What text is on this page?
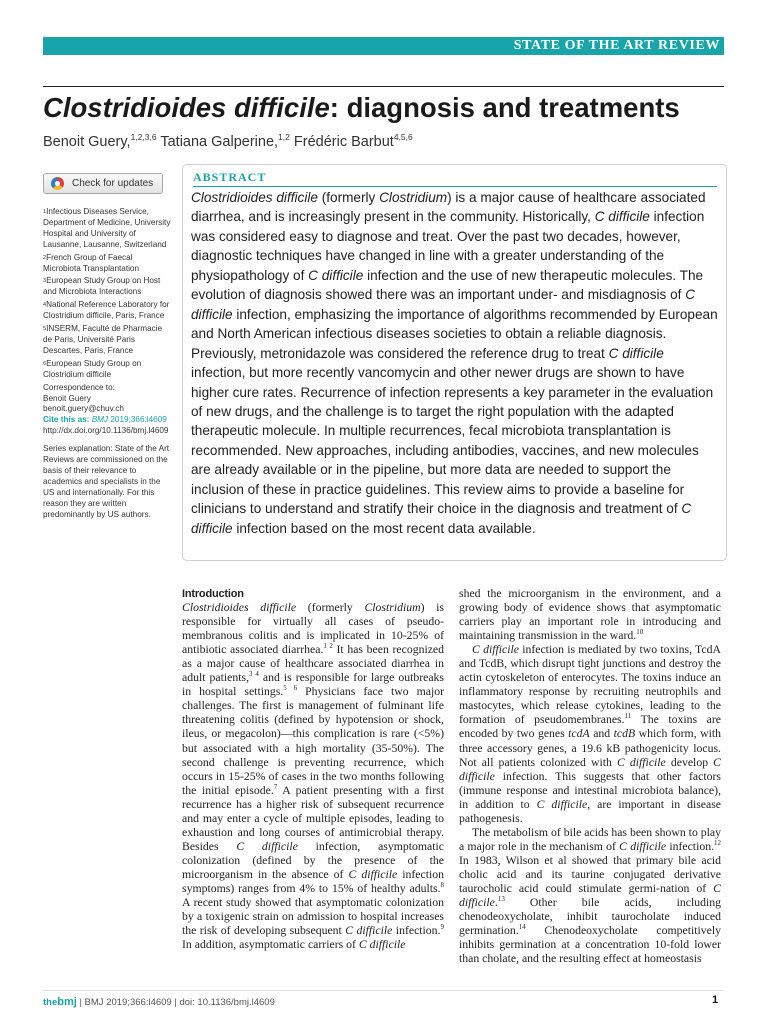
STATE OF THE ART REVIEW
Clostridioides difficile: diagnosis and treatments
Benoit Guery,$^{1,2,3,6}$ Tatiana Galperine,$^{1,2}$ Frédéric Barbut$^{4,5,6}$
Check for updates
$^1$Infectious Diseases Service, Department of Medicine, University Hospital and University of Lausanne, Lausanne, Switzerland
$^2$French Group of Faecal Microbiota Transplantation
$^3$European Study Group on Host and Microbiota Interactions
$^4$National Reference Laboratory for Clostridium difficile, Paris, France
$^5$INSERM, Faculté de Pharmacie de Paris, Université Paris Descartes, Paris, France
$^6$European Study Group on Clostridium difficile
Correspondence to:
Benoit Guery
benoit.guery@chuv.ch
Cite this as: BMJ 2019;366:l4609
http://dx.doi.org/10.1136/bmj.l4609
Series explanation: State of the Art Reviews are commissioned on the basis of their relevance to academics and specialists in the US and internationally. For this reason they are written predominantly by US authors.
ABSTRACT
Clostridioides difficile (formerly Clostridium) is a major cause of healthcare associated diarrhea, and is increasingly present in the community. Historically, C difficile infection was considered easy to diagnose and treat. Over the past two decades, however, diagnostic techniques have changed in line with a greater understanding of the physiopathology of C difficile infection and the use of new therapeutic molecules. The evolution of diagnosis showed there was an important under- and misdiagnosis of C difficile infection, emphasizing the importance of algorithms recommended by European and North American infectious diseases societies to obtain a reliable diagnosis. Previously, metronidazole was considered the reference drug to treat C difficile infection, but more recently vancomycin and other newer drugs are shown to have higher cure rates. Recurrence of infection represents a key parameter in the evaluation of new drugs, and the challenge is to target the right population with the adapted therapeutic molecule. In multiple recurrences, fecal microbiota transplantation is recommended. New approaches, including antibodies, vaccines, and new molecules are already available or in the pipeline, but more data are needed to support the inclusion of these in practice guidelines. This review aims to provide a baseline for clinicians to understand and stratify their choice in the diagnosis and treatment of C difficile infection based on the most recent data available.
Introduction

Clostridioides difficile (formerly Clostridium) is responsible for virtually all cases of pseudo-membranous colitis and is implicated in 10-25% of antibiotic associated diarrhea.$^{1 2}$ It has been recognized as a major cause of healthcare associated diarrhea in adult patients,$^{3 4}$ and is responsible for large outbreaks in hospital settings.$^{5 6}$ Physicians face two major challenges. The first is management of fulminant life threatening colitis (defined by hypotension or shock, ileus, or megacolon)—this complication is rare (<5%) but associated with a high mortality (35-50%). The second challenge is preventing recurrence, which occurs in 15-25% of cases in the two months following the initial episode.$^7$ A patient presenting with a first recurrence has a higher risk of subsequent recurrence and may enter a cycle of multiple episodes, leading to exhaustion and long courses of antimicrobial therapy. Besides C difficile infection, asymptomatic colonization (defined by the presence of the microorganism in the absence of C difficile infection symptoms) ranges from 4% to 15% of healthy adults.$^8$ A recent study showed that asymptomatic colonization by a toxigenic strain on admission to hospital increases the risk of developing subsequent C difficile infection.$^9$ In addition, asymptomatic carriers of C difficile

shed the microorganism in the environment, and a growing body of evidence shows that asymptomatic carriers play an important role in introducing and maintaining transmission in the ward.$^{10}$

C difficile infection is mediated by two toxins, TcdA and TcdB, which disrupt tight junctions and destroy the actin cytoskeleton of enterocytes. The toxins induce an inflammatory response by recruiting neutrophils and mastocytes, which release cytokines, leading to the formation of pseudomembranes.$^{11}$ The toxins are encoded by two genes tcdA and tcdB which form, with three accessory genes, a 19.6 kB pathogenicity locus. Not all patients colonized with C difficile develop C difficile infection. This suggests that other factors (immune response and intestinal microbiota balance), in addition to C difficile, are important in disease pathogenesis.

The metabolism of bile acids has been shown to play a major role in the mechanism of C difficile infection.$^{12}$ In 1983, Wilson et al showed that primary bile acid cholic acid and its taurine conjugated derivative taurocholic acid could stimulate germi-nation of C difficile.$^{13}$ Other bile acids, including chenodeoxycholate, inhibit taurocholate induced germination.$^{14}$ Chenodeoxycholate competitively inhibits germination at a concentration 10-fold lower than cholate, and the resulting effect at homeostasis

thebmj | BMJ 2019;366:l4609 | doi: 10.1136/bmj.l4609	1
